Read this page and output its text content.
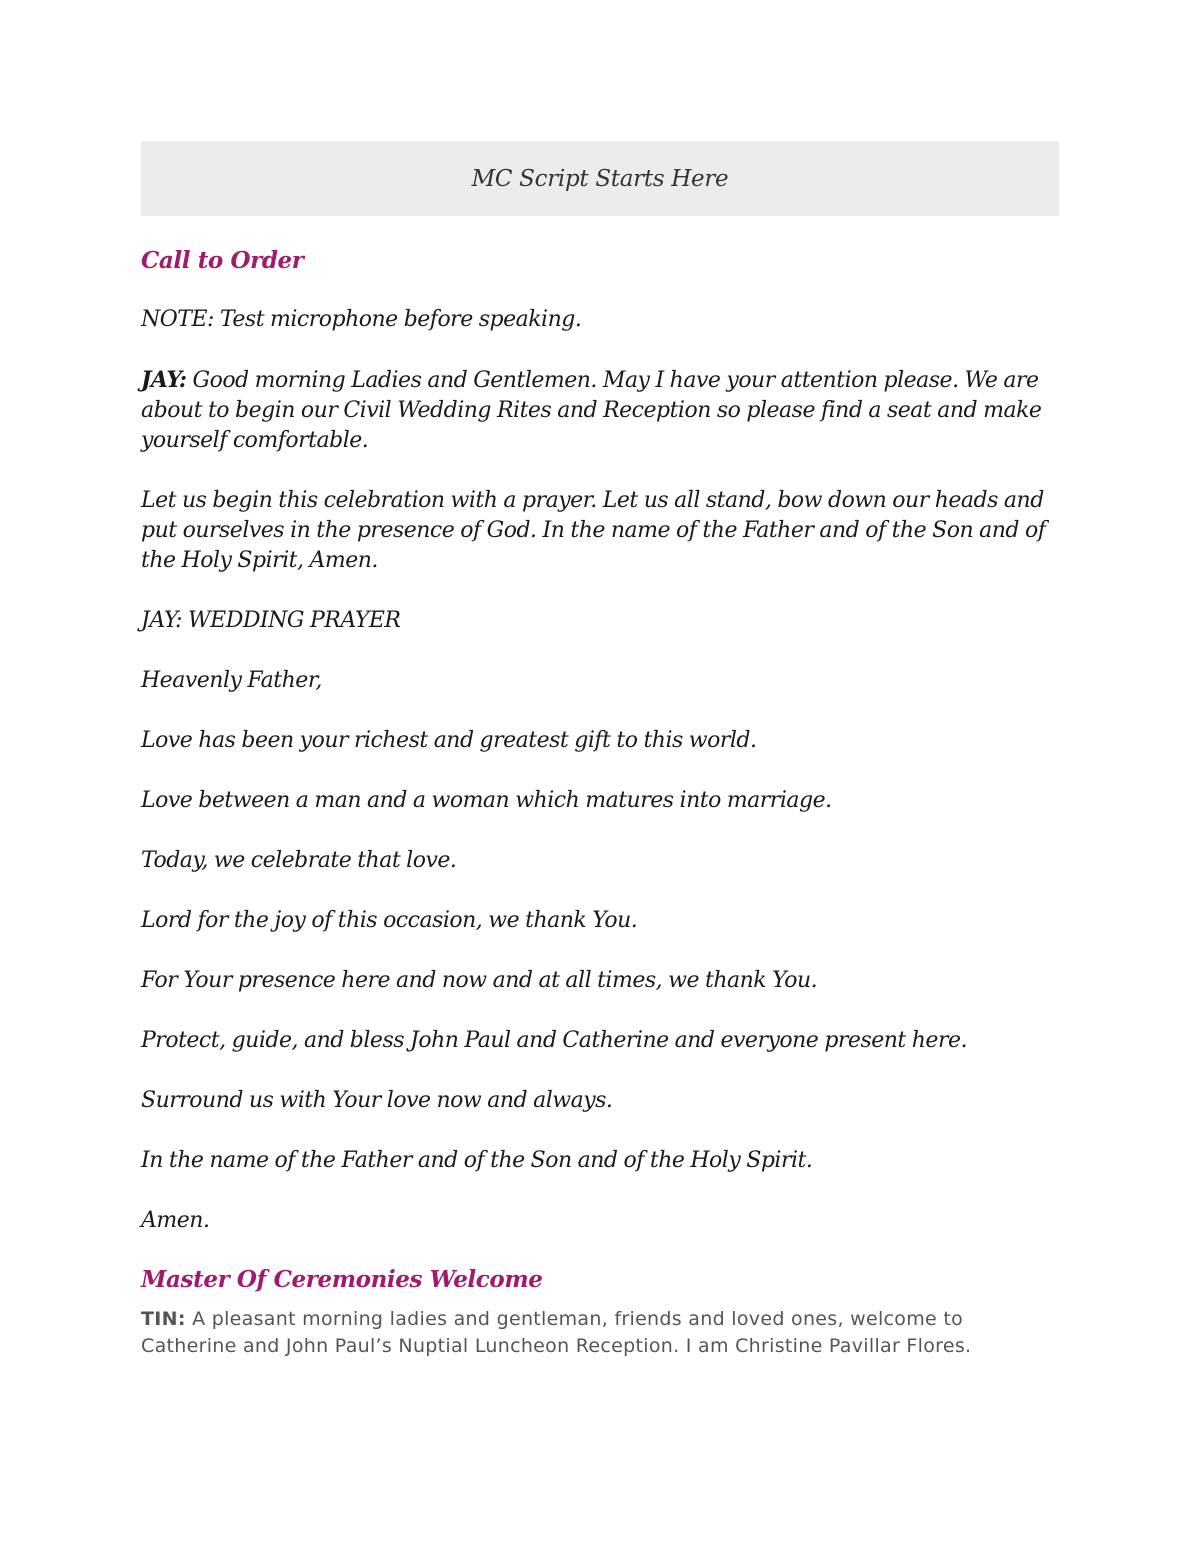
MC Script Starts Here
Call to Order

NOTE: Test microphone before speaking.

JAY: Good morning Ladies and Gentlemen. May I have your attention please. We are about to begin our Civil Wedding Rites and Reception so please find a seat and make yourself comfortable.

Let us begin this celebration with a prayer. Let us all stand, bow down our heads and put ourselves in the presence of God. In the name of the Father and of the Son and of the Holy Spirit, Amen.

JAY: WEDDING PRAYER

Heavenly Father,

Love has been your richest and greatest gift to this world.

Love between a man and a woman which matures into marriage.

Today, we celebrate that love.

Lord for the joy of this occasion, we thank You.

For Your presence here and now and at all times, we thank You.

Protect, guide, and bless John Paul and Catherine and everyone present here.

Surround us with Your love now and always.

In the name of the Father and of the Son and of the Holy Spirit.

Amen.

Master Of Ceremonies Welcome

TIN: A pleasant morning ladies and gentleman, friends and loved ones, welcome to Catherine and John Paul’s Nuptial Luncheon Reception. I am Christine Pavillar Flores.
